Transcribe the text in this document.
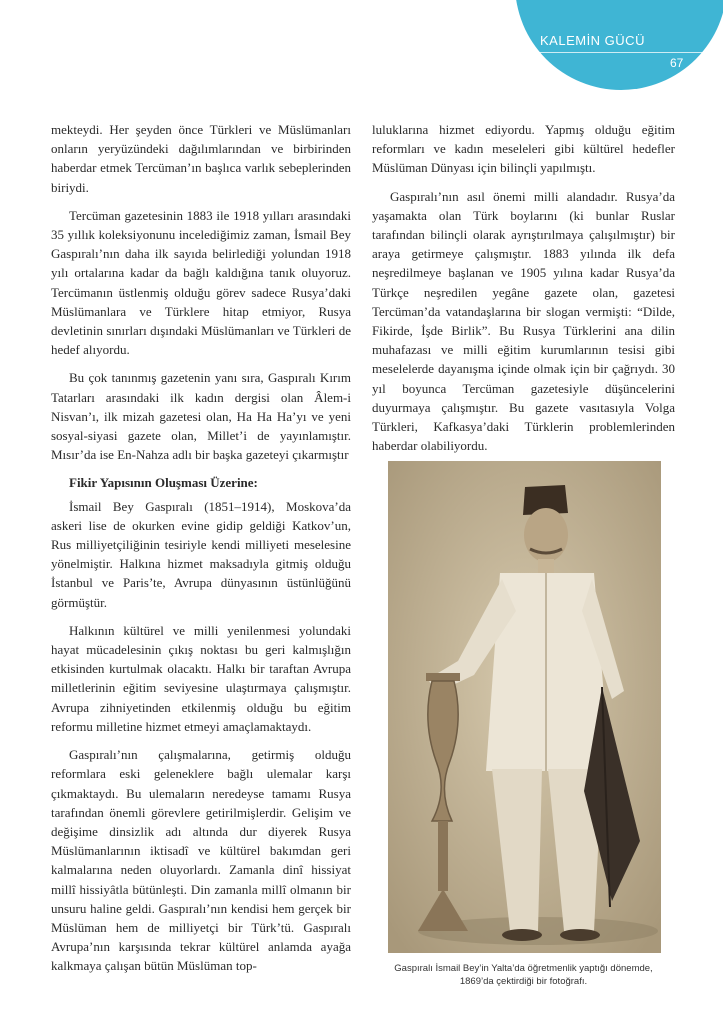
KALEMİN GÜCÜ
67

mekteydi. Her şeyden önce Türkleri ve Müslümanları onların yeryüzündeki dağılımlarından ve birbirinden haberdar etmek Tercüman’ın başlıca varlık sebeplerinden biriydi.

Tercüman gazetesinin 1883 ile 1918 yılları arasındaki 35 yıllık koleksiyonunu incelediğimiz zaman, İsmail Bey Gaspıralı’nın daha ilk sayıda belirlediği yolundan 1918 yılı ortalarına kadar da bağlı kaldığına tanık oluyoruz. Tercümanın üstlenmiş olduğu görev sadece Rusya’daki Müslümanlara ve Türklere hitap etmiyor, Rusya devletinin sınırları dışındaki Müslümanları ve Türkleri de hedef alıyordu.

Bu çok tanınmış gazetenin yanı sıra, Gaspıralı Kırım Tatarları arasındaki ilk kadın dergisi olan Âlem-i Nisvan’ı, ilk mizah gazetesi olan, Ha Ha Ha’yı ve yeni sosyal-siyasi gazete olan, Millet’i de yayınlamıştır. Mısır’da ise En-Nahza adlı bir başka gazeteyi çıkarmıştır

Fikir Yapısının Oluşması Üzerine:

İsmail Bey Gaspıralı (1851–1914), Moskova’da askeri lise de okurken evine gidip geldiği Katkov’un, Rus milliyetçiliğinin tesiriyle kendi milliyeti meselesine yönelmiştir. Halkına hizmet maksadıyla gitmiş olduğu İstanbul ve Paris’te, Avrupa dünyasının üstünlüğünü görmüştür.

Halkının kültürel ve milli yenilenmesi yolundaki hayat mücadelesinin çıkış noktası bu geri kalmışlığın etkisinden kurtulmak olacaktı. Halkı bir taraftan Avrupa milletlerinin eğitim seviyesine ulaştırmaya çalışmıştır. Avrupa zihniyetinden etkilenmiş olduğu bu eğitim reformu milletine hizmet etmeyi amaçlamaktaydı.

Gaspıralı’nın çalışmalarına, getirmiş olduğu reformlara eski geleneklere bağlı ulemalar karşı çıkmaktaydı. Bu ulemaların neredeyse tamamı Rusya tarafından önemli görevlere getirilmişlerdir. Gelişim ve değişime dinsizlik adı altında dur diyerek Rusya Müslümanlarının iktisadî ve kültürel bakımdan geri kalmalarına neden oluyorlardı. Zamanla dinî hissiyat millî hissiyâtla bütünleşti. Din zamanla millî olmanın bir unsuru haline geldi. Gaspıralı’nın kendisi hem gerçek bir Müslüman hem de milliyetçi bir Türk’tü. Gaspıralı Avrupa’nın karşısında tekrar kültürel anlamda ayağa kalkmaya çalışan bütün Müslüman top-

luluklarına hizmet ediyordu. Yapmış olduğu eğitim reformları ve kadın meseleleri gibi kültürel hedefler Müslüman Dünyası için bilinçli yapılmıştı.

Gaspıralı’nın asıl önemi milli alandadır. Rusya’da yaşamakta olan Türk boylarını (ki bunlar Ruslar tarafından bilinçli olarak ayrıştırılmaya çalışılmıştır) bir araya getirmeye çalışmıştır. 1883 yılında ilk defa neşredilmeye başlanan ve 1905 yılına kadar Rusya’da Türkçe neşredilen yegâne gazete olan, gazetesi Tercüman’da vatandaşlarına bir slogan vermişti: “Dilde, Fikirde, İşde Birlik”. Bu Rusya Türklerini ana dilin muhafazası ve milli eğitim kurumlarının tesisi gibi meselelerde dayanışma içinde olmak için bir çağrıydı. 30 yıl boyunca Tercüman gazetesiyle düşüncelerini duyurmaya çalışmıştır. Bu gazete vasıtasıyla Volga Türkleri, Kafkasya’daki Türklerin problemlerinden haberdar olabiliyordu.

Gaspıralı İsmail Bey’in Yalta’da öğretmenlik yaptığı dönemde,
1869’da çektirdiği bir fotoğrafı.
